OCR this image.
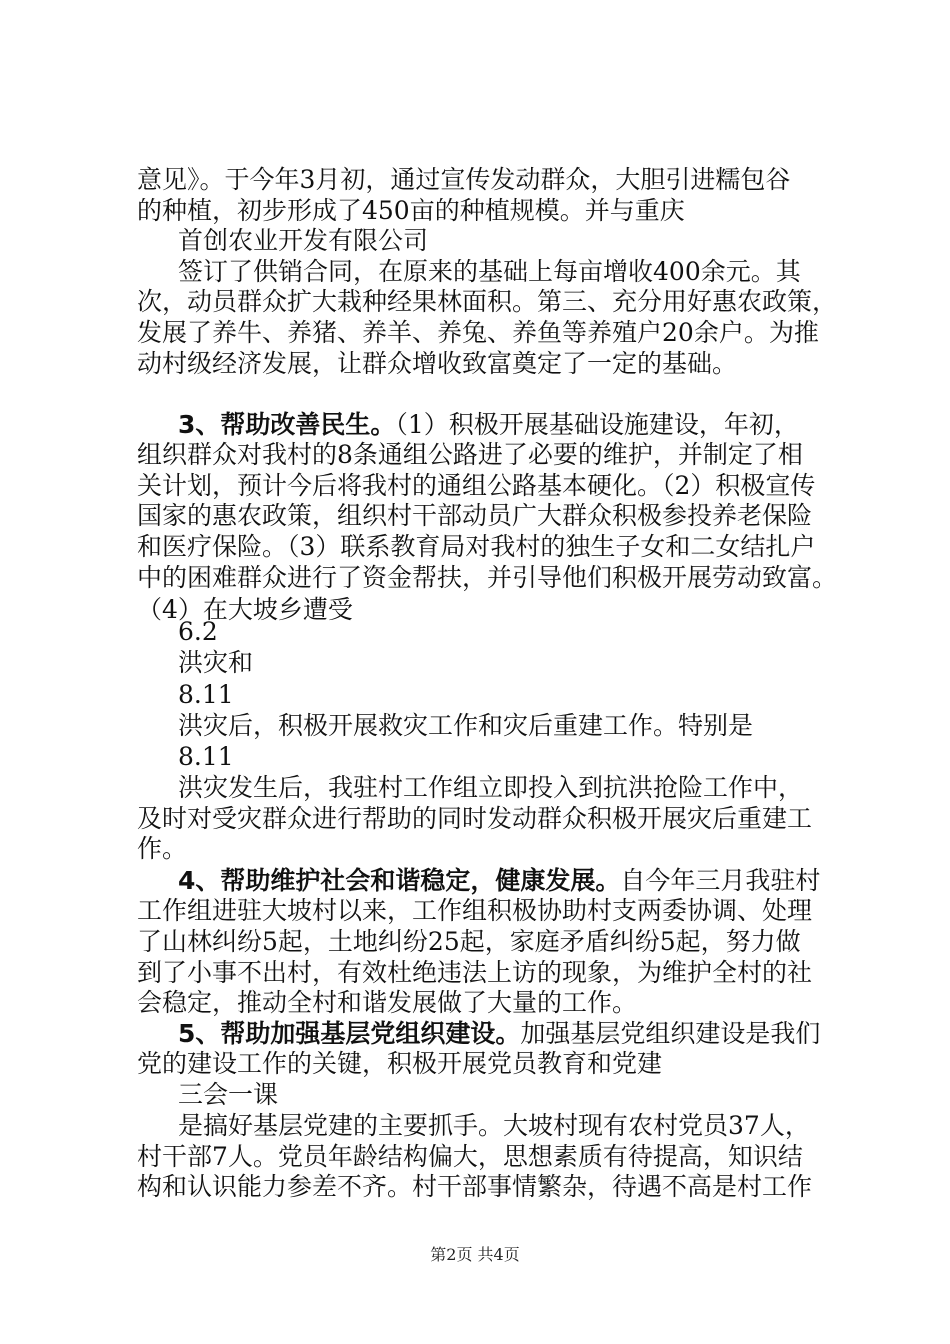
意见》。于今年3月初，通过宣传发动群众，大胆引进糯包谷
的种植，初步形成了450亩的种植规模。并与重庆
首创农业开发有限公司
签订了供销合同，在原来的基础上每亩增收400余元。其
次，动员群众扩大栽种经果林面积。第三、充分用好惠农政策，
发展了养牛、养猪、养羊、养兔、养鱼等养殖户20余户。为推
动村级经济发展，让群众增收致富奠定了一定的基础。
3、帮助改善民生。（1）积极开展基础设施建设，年初，
组织群众对我村的8条通组公路进了必要的维护，并制定了相
关计划，预计今后将我村的通组公路基本硬化。（2）积极宣传
国家的惠农政策，组织村干部动员广大群众积极参投养老保险
和医疗保险。（3）联系教育局对我村的独生子女和二女结扎户
中的困难群众进行了资金帮扶，并引导他们积极开展劳动致富。
（4）在大坡乡遭受
6.2
洪灾和
8.11
洪灾后，积极开展救灾工作和灾后重建工作。特别是
8.11
洪灾发生后，我驻村工作组立即投入到抗洪抢险工作中，
及时对受灾群众进行帮助的同时发动群众积极开展灾后重建工
作。
4、帮助维护社会和谐稳定，健康发展。自今年三月我驻村
工作组进驻大坡村以来，工作组积极协助村支两委协调、处理
了山林纠纷5起，土地纠纷25起，家庭矛盾纠纷5起，努力做
到了小事不出村，有效杜绝违法上访的现象，为维护全村的社
会稳定，推动全村和谐发展做了大量的工作。
5、帮助加强基层党组织建设。加强基层党组织建设是我们
党的建设工作的关键，积极开展党员教育和党建
三会一课
是搞好基层党建的主要抓手。大坡村现有农村党员37人，
村干部7人。党员年龄结构偏大，思想素质有待提高，知识结
构和认识能力参差不齐。村干部事情繁杂，待遇不高是村工作
第2页 共4页
